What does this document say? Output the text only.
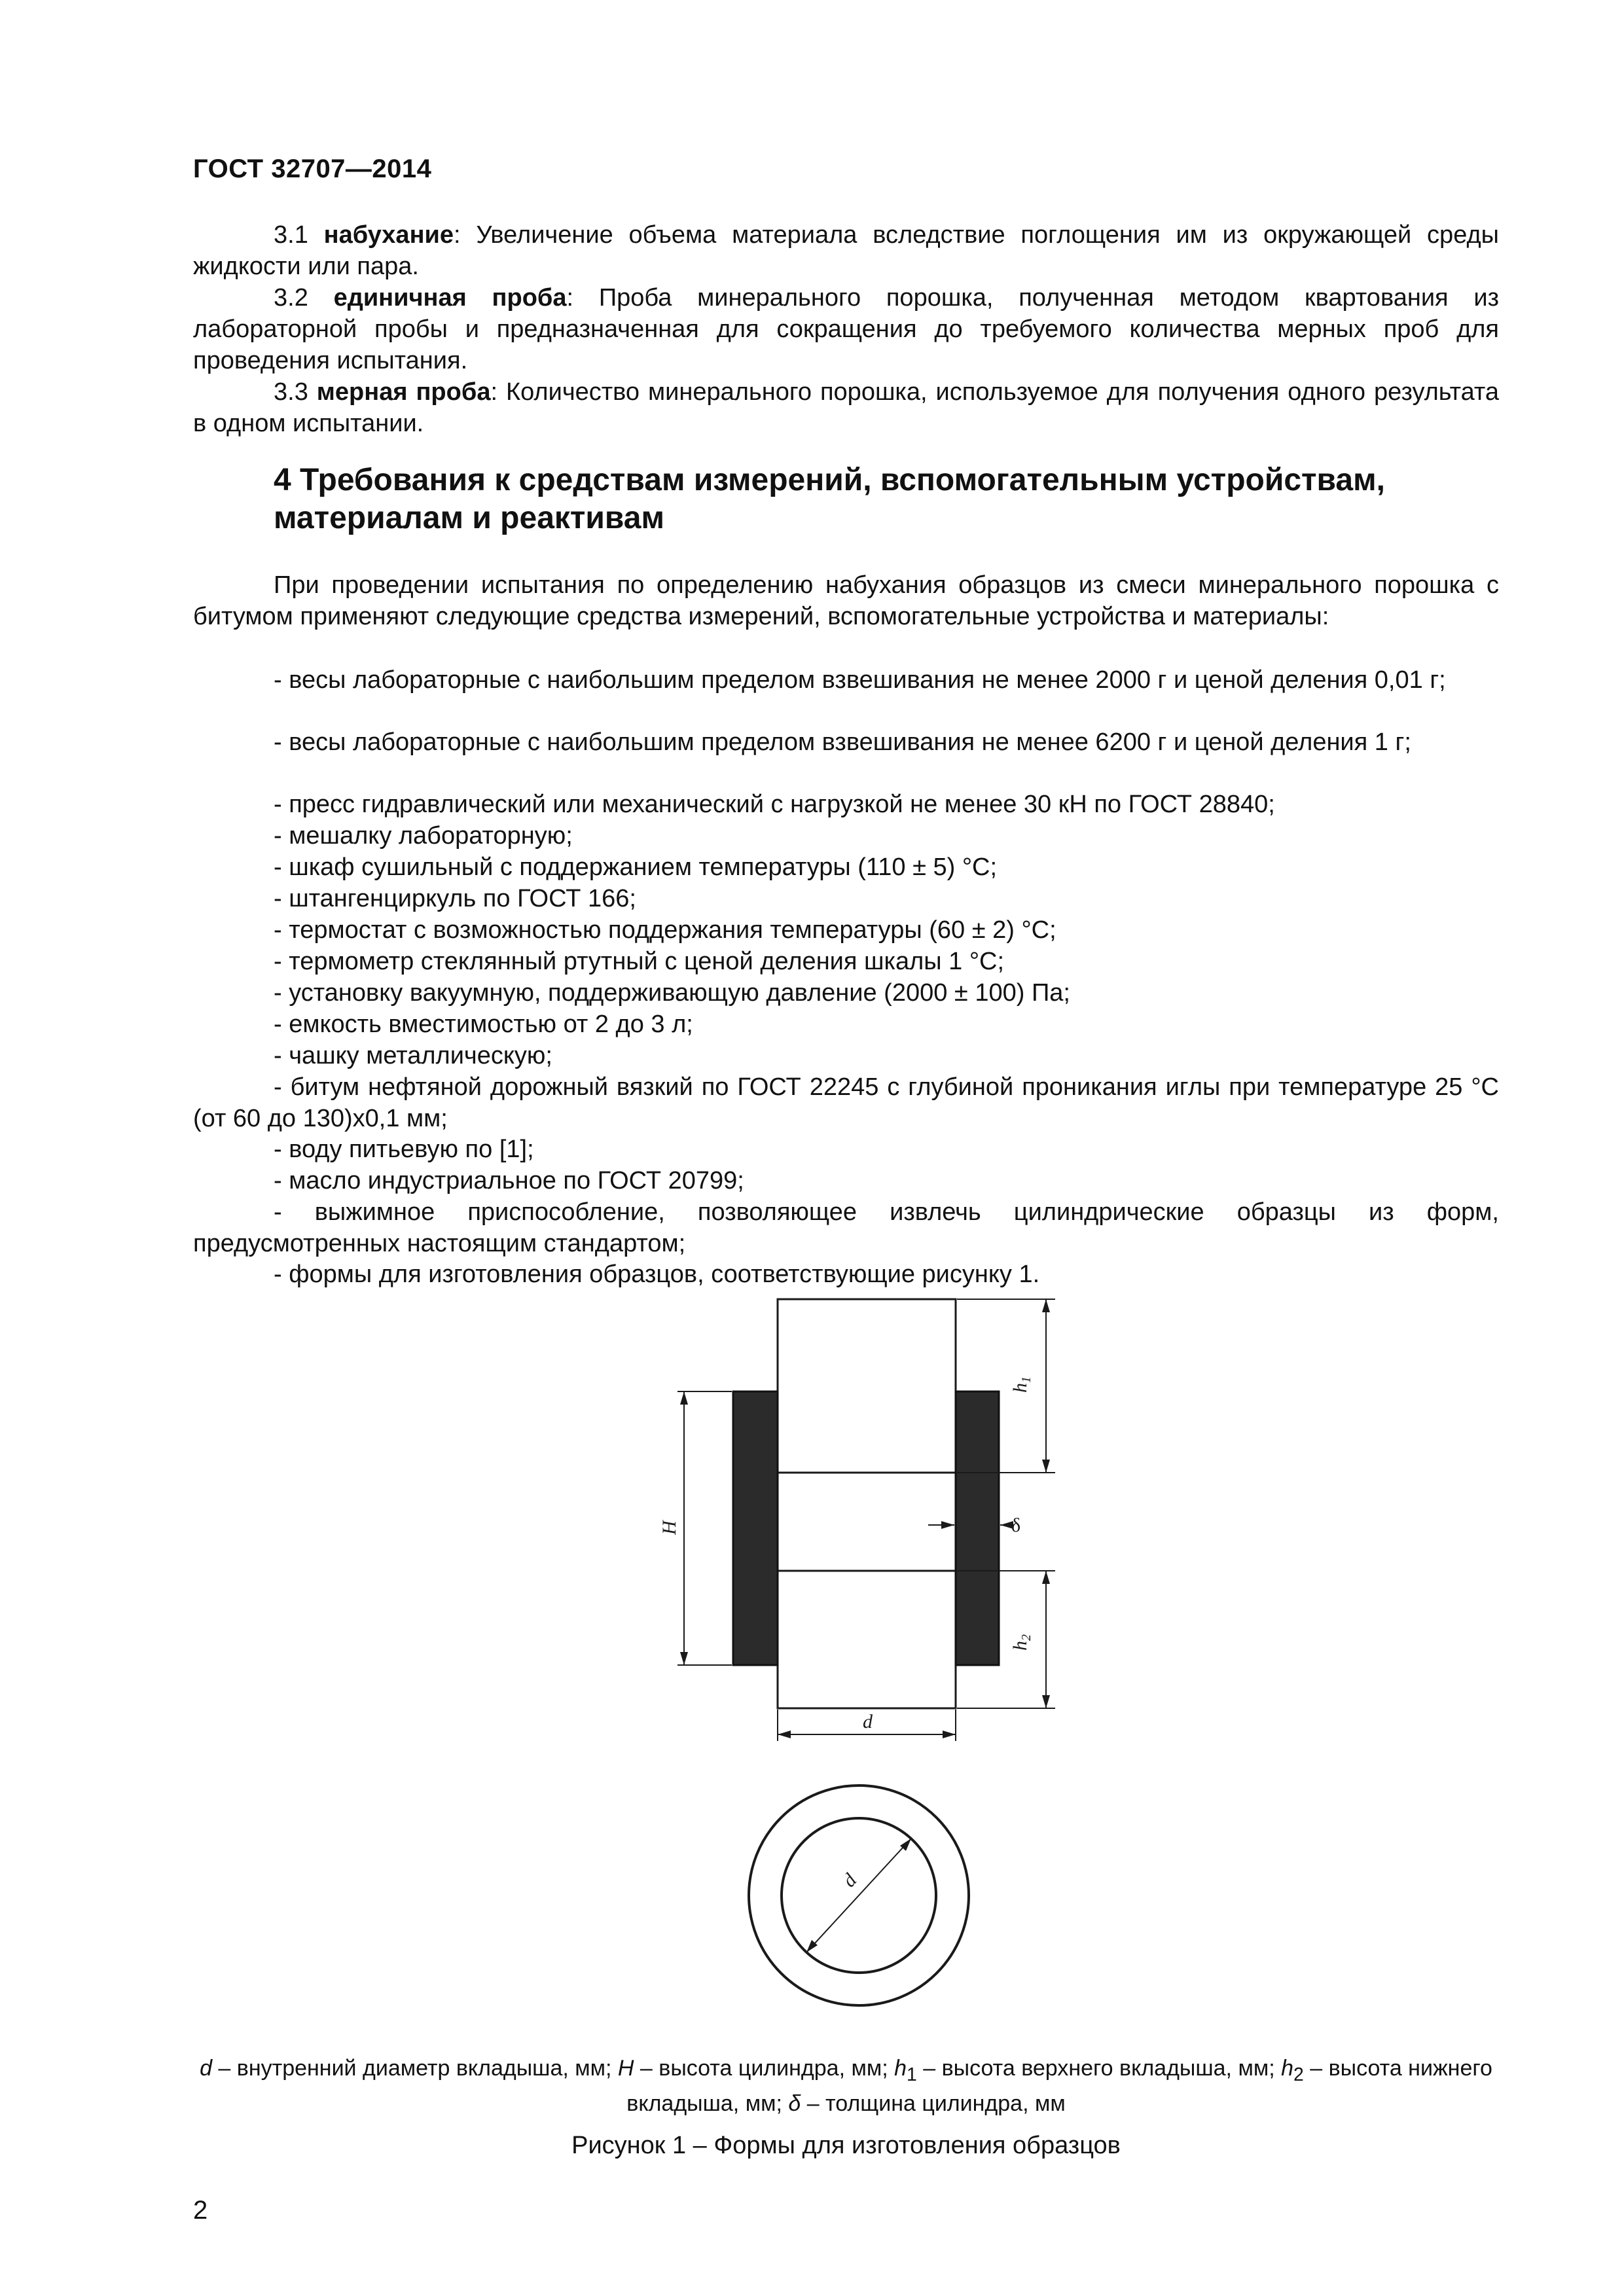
ГОСТ 32707—2014
3.1 набухание: Увеличение объема материала вследствие поглощения им из окружающей среды жидкости или пара.
3.2 единичная проба: Проба минерального порошка, полученная методом квартования из лабораторной пробы и предназначенная для сокращения до требуемого количества мерных проб для проведения испытания.
3.3 мерная проба: Количество минерального порошка, используемое для получения одного результата в одном испытании.
4 Требования к средствам измерений, вспомогательным устройствам, материалам и реактивам
При проведении испытания по определению набухания образцов из смеси минерального порошка с битумом применяют следующие средства измерений, вспомогательные устройства и материалы:
- весы лабораторные с наибольшим пределом взвешивания не менее 2000 г и ценой деления 0,01 г;
- весы лабораторные с наибольшим пределом взвешивания не менее 6200 г и ценой деления 1 г;
- пресс гидравлический или механический с нагрузкой не менее 30 кН по ГОСТ 28840;
- мешалку лабораторную;
- шкаф сушильный с поддержанием температуры (110 ± 5) °С;
- штангенциркуль по ГОСТ 166;
- термостат с возможностью поддержания температуры (60 ± 2) °С;
- термометр стеклянный ртутный с ценой деления шкалы 1 °С;
- установку вакуумную, поддерживающую давление (2000 ± 100) Па;
- емкость вместимостью от 2 до 3 л;
- чашку металлическую;
- битум нефтяной дорожный вязкий по ГОСТ 22245 с глубиной проникания иглы при температуре 25 °С (от 60 до 130)х0,1 мм;
- воду питьевую по [1];
- масло индустриальное по ГОСТ 20799;
- выжимное приспособление, позволяющее извлечь цилиндрические образцы из форм, предусмотренных настоящим стандартом;
- формы для изготовления образцов, соответствующие рисунку 1.
$h_1$
H	δ
$h_2$
d
d
d – внутренний диаметр вкладыша, мм; H – высота цилиндра, мм; $h_1$ – высота верхнего вкладыша, мм; $h_2$ – высота нижнего вкладыша, мм; δ – толщина цилиндра, мм
Рисунок 1 – Формы для изготовления образцов
2
